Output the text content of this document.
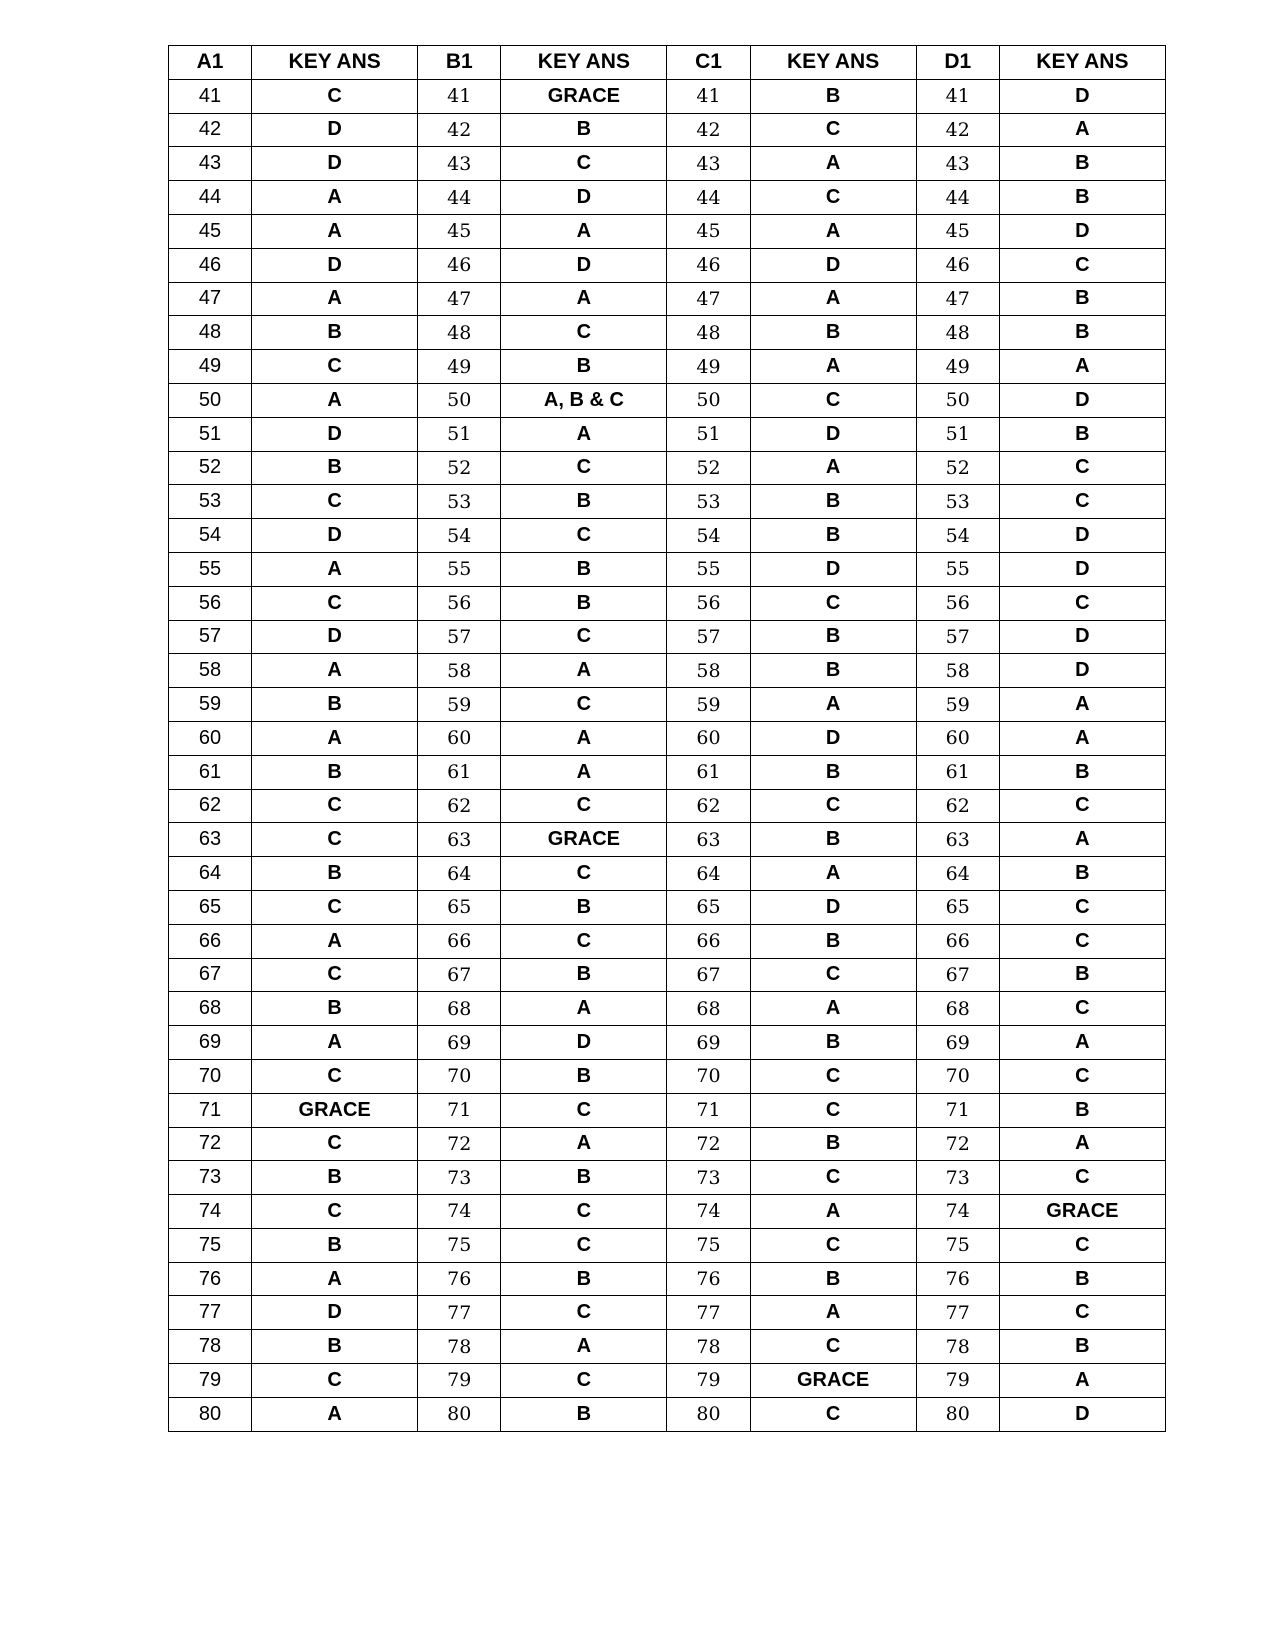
A1	KEY ANS	B1	KEY ANS	C1	KEY ANS	D1	KEY ANS
41	C	41	GRACE	41	B	41	D
42	D	42	B	42	C	42	A
43	D	43	C	43	A	43	B
44	A	44	D	44	C	44	B
45	A	45	A	45	A	45	D
46	D	46	D	46	D	46	C
47	A	47	A	47	A	47	B
48	B	48	C	48	B	48	B
49	C	49	B	49	A	49	A
50	A	50	A, B & C	50	C	50	D
51	D	51	A	51	D	51	B
52	B	52	C	52	A	52	C
53	C	53	B	53	B	53	C
54	D	54	C	54	B	54	D
55	A	55	B	55	D	55	D
56	C	56	B	56	C	56	C
57	D	57	C	57	B	57	D
58	A	58	A	58	B	58	D
59	B	59	C	59	A	59	A
60	A	60	A	60	D	60	A
61	B	61	A	61	B	61	B
62	C	62	C	62	C	62	C
63	C	63	GRACE	63	B	63	A
64	B	64	C	64	A	64	B
65	C	65	B	65	D	65	C
66	A	66	C	66	B	66	C
67	C	67	B	67	C	67	B
68	B	68	A	68	A	68	C
69	A	69	D	69	B	69	A
70	C	70	B	70	C	70	C
71	GRACE	71	C	71	C	71	B
72	C	72	A	72	B	72	A
73	B	73	B	73	C	73	C
74	C	74	C	74	A	74	GRACE
75	B	75	C	75	C	75	C
76	A	76	B	76	B	76	B
77	D	77	C	77	A	77	C
78	B	78	A	78	C	78	B
79	C	79	C	79	GRACE	79	A
80	A	80	B	80	C	80	D
